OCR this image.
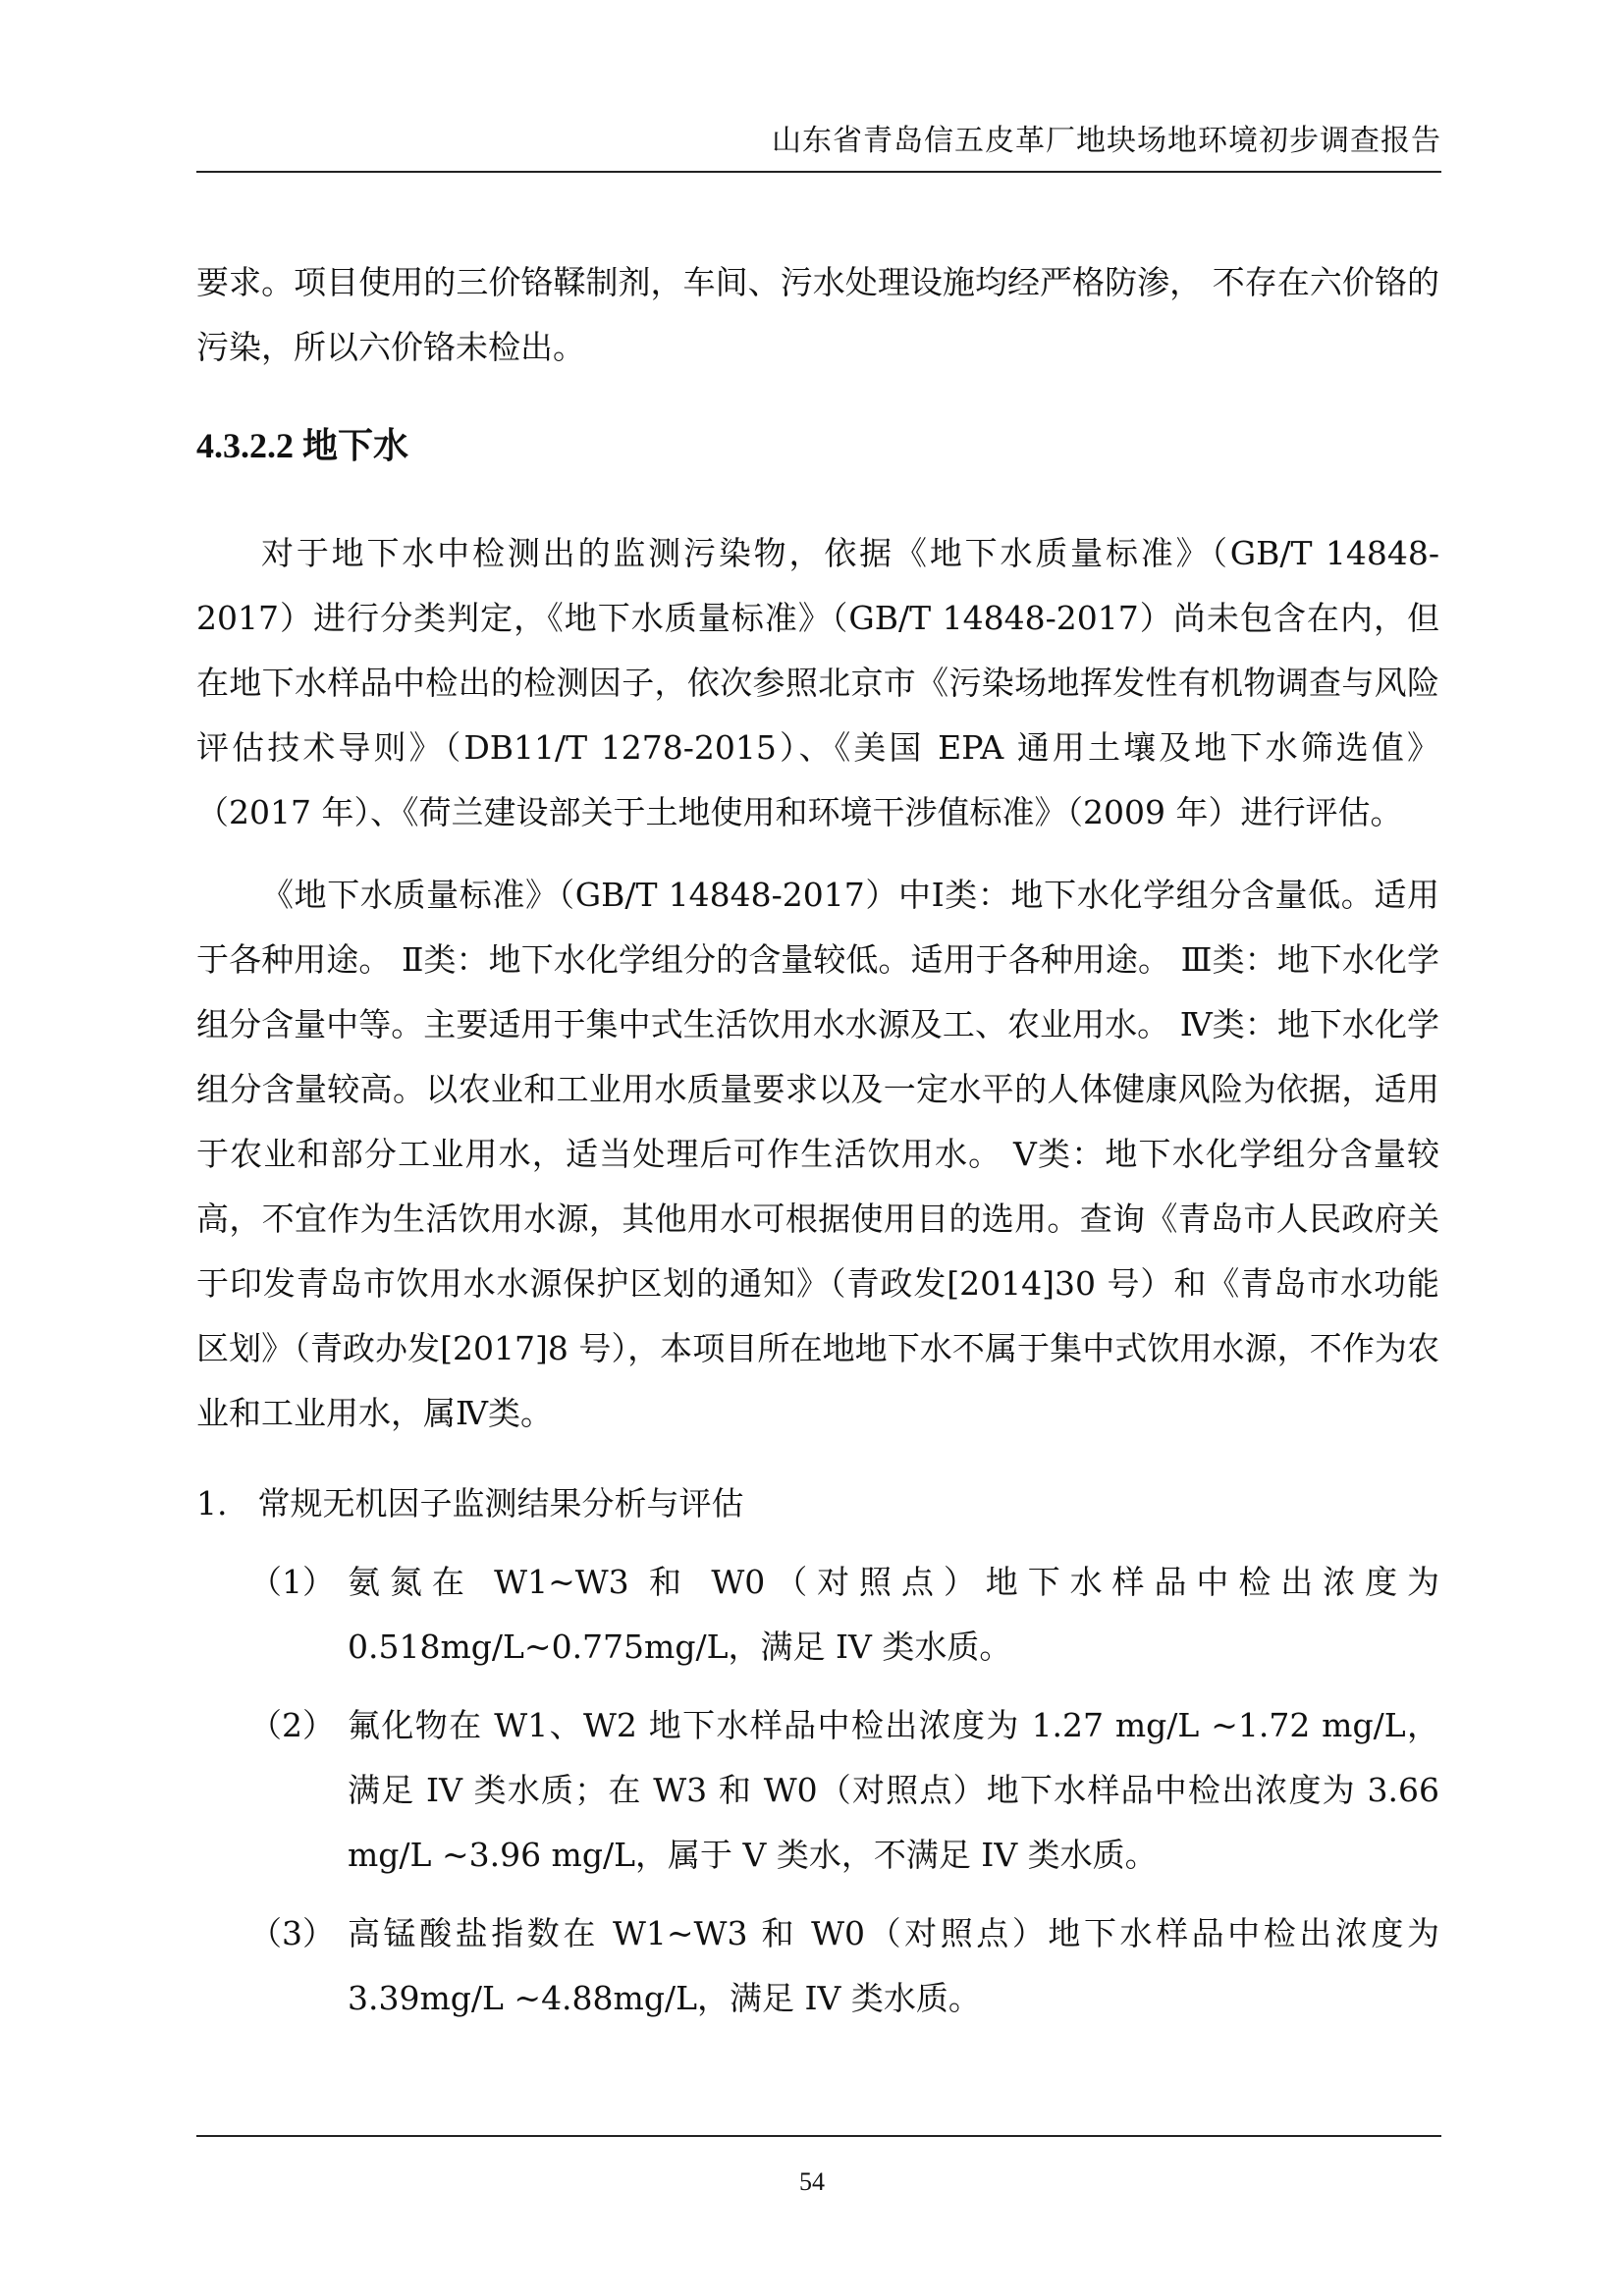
山东省青岛信五皮革厂地块场地环境初步调查报告

要求。项目使用的三价铬鞣制剂，车间、污水处理设施均经严格防渗， 不存在六价铬的污染，所以六价铬未检出。

4.3.2.2 地下水

对于地下水中检测出的监测污染物，依据《地下水质量标准》（GB/T 14848-2017）进行分类判定，《地下水质量标准》（GB/T 14848-2017）尚未包含在内，但在地下水样品中检出的检测因子，依次参照北京市《污染场地挥发性有机物调查与风险评估技术导则》（DB11/T 1278-2015）、《美国 EPA 通用土壤及地下水筛选值》（2017 年）、《荷兰建设部关于土地使用和环境干涉值标准》（2009 年）进行评估。

《地下水质量标准》（GB/T 14848-2017）中Ⅰ类：地下水化学组分含量低。适用于各种用途。 Ⅱ类：地下水化学组分的含量较低。适用于各种用途。 Ⅲ类：地下水化学组分含量中等。主要适用于集中式生活饮用水水源及工、农业用水。 Ⅳ类：地下水化学组分含量较高。以农业和工业用水质量要求以及一定水平的人体健康风险为依据，适用于农业和部分工业用水，适当处理后可作生活饮用水。 Ⅴ类：地下水化学组分含量较高，不宜作为生活饮用水源，其他用水可根据使用目的选用。查询《青岛市人民政府关于印发青岛市饮用水水源保护区划的通知》（青政发[2014]30 号）和《青岛市水功能区划》（青政办发[2017]8 号），本项目所在地地下水不属于集中式饮用水源，不作为农业和工业用水，属Ⅳ类。

1. 常规无机因子监测结果分析与评估
（1） 氨氮在 W1~W3 和 W0（对照点）地下水样品中检出浓度为 0.518mg/L~0.775mg/L，满足 IV 类水质。
（2） 氟化物在 W1、W2 地下水样品中检出浓度为 1.27 mg/L ~1.72 mg/L，满足 IV 类水质；在 W3 和 W0（对照点）地下水样品中检出浓度为 3.66 mg/L ~3.96 mg/L，属于 V 类水，不满足 IV 类水质。
（3） 高锰酸盐指数在 W1~W3 和 W0（对照点）地下水样品中检出浓度为 3.39mg/L ~4.88mg/L，满足 IV 类水质。
54
